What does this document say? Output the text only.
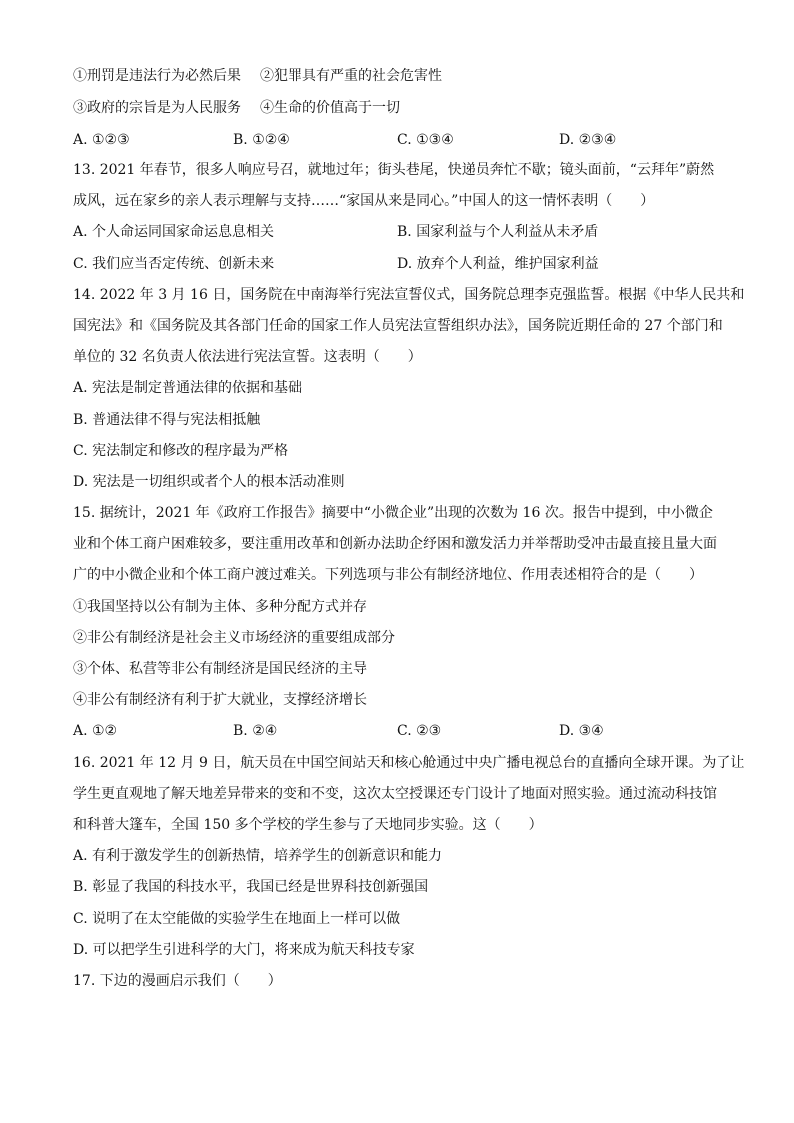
①刑罚是违法行为必然后果 ②犯罪具有严重的社会危害性
③政府的宗旨是为人民服务 ④生命的价值高于一切
A. ①②③	B. ①②④	C. ①③④	D. ②③④
13. 2021 年春节，很多人响应号召，就地过年；街头巷尾，快递员奔忙不歇；镜头面前，“云拜年”蔚然
成风，远在家乡的亲人表示理解与支持……“家国从来是同心。”中国人的这一情怀表明（　　）
A. 个人命运同国家命运息息相关	B. 国家利益与个人利益从未矛盾
C. 我们应当否定传统、创新未来	D. 放弃个人利益，维护国家利益
14. 2022 年 3 月 16 日，国务院在中南海举行宪法宣誓仪式，国务院总理李克强监誓。根据《中华人民共和
国宪法》和《国务院及其各部门任命的国家工作人员宪法宣誓组织办法》，国务院近期任命的 27 个部门和
单位的 32 名负责人依法进行宪法宣誓。这表明（　　）
A. 宪法是制定普通法律的依据和基础
B. 普通法律不得与宪法相抵触
C. 宪法制定和修改的程序最为严格
D. 宪法是一切组织或者个人的根本活动准则
15. 据统计，2021 年《政府工作报告》摘要中“小微企业”出现的次数为 16 次。报告中提到，中小微企
业和个体工商户困难较多，要注重用改革和创新办法助企纾困和激发活力并举帮助受冲击最直接且量大面
广的中小微企业和个体工商户渡过难关。下列选项与非公有制经济地位、作用表述相符合的是（　　）
①我国坚持以公有制为主体、多种分配方式并存
②非公有制经济是社会主义市场经济的重要组成部分
③个体、私营等非公有制经济是国民经济的主导
④非公有制经济有利于扩大就业，支撑经济增长
A. ①②	B. ②④	C. ②③	D. ③④
16. 2021 年 12 月 9 日，航天员在中国空间站天和核心舱通过中央广播电视总台的直播向全球开课。为了让
学生更直观地了解天地差异带来的变和不变，这次太空授课还专门设计了地面对照实验。通过流动科技馆
和科普大篷车，全国 150 多个学校的学生参与了天地同步实验。这（　　）
A. 有利于激发学生的创新热情，培养学生的创新意识和能力
B. 彰显了我国的科技水平，我国已经是世界科技创新强国
C. 说明了在太空能做的实验学生在地面上一样可以做
D. 可以把学生引进科学的大门，将来成为航天科技专家
17. 下边的漫画启示我们（　　）
